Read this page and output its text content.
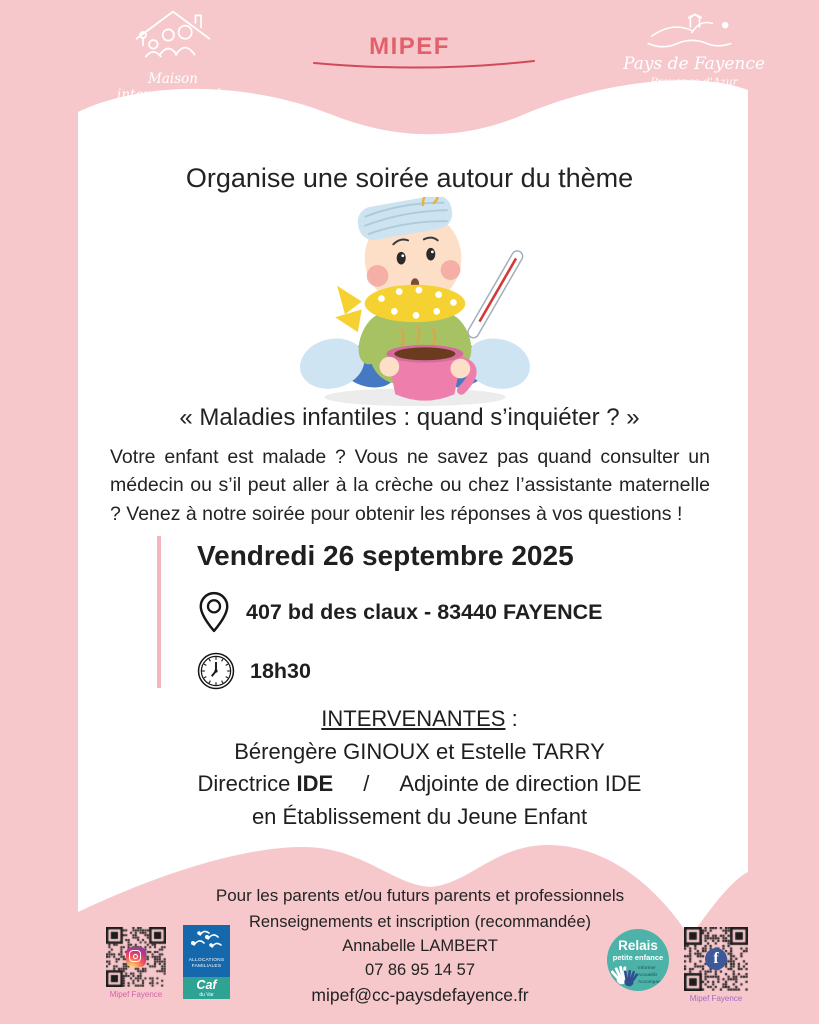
Maison intercommunale
DE LA PETITE ENFANCE ET DE LA FAMILLE
MIPEF
Pays de Fayence
Provence d'Azur
Organise une soirée autour du thème
« Maladies infantiles : quand s’inquiéter ? »
Votre enfant est malade ? Vous ne savez pas quand consulter un médecin ou s’il peut aller à la crèche ou chez l’assistante maternelle ? Venez à notre soirée pour obtenir les réponses à vos questions !
Vendredi 26 septembre 2025
407 bd des claux - 83440 FAYENCE
18h30
INTERVENANTES :
Bérengère GINOUX et Estelle TARRY
Directrice IDE / Adjointe de direction IDE
en Établissement du Jeune Enfant
Pour les parents et/ou futurs parents et professionnels
Renseignements et inscription (recommandée)
Annabelle LAMBERT
07 86 95 14 57
mipef@cc-paysdefayence.fr
Mipef Fayence
ALLOCATIONS
FAMILIALES
Caf
du Var
Relais
petite enfance
Informer
Accueillir
Accompagner
f
Mipef Fayence
